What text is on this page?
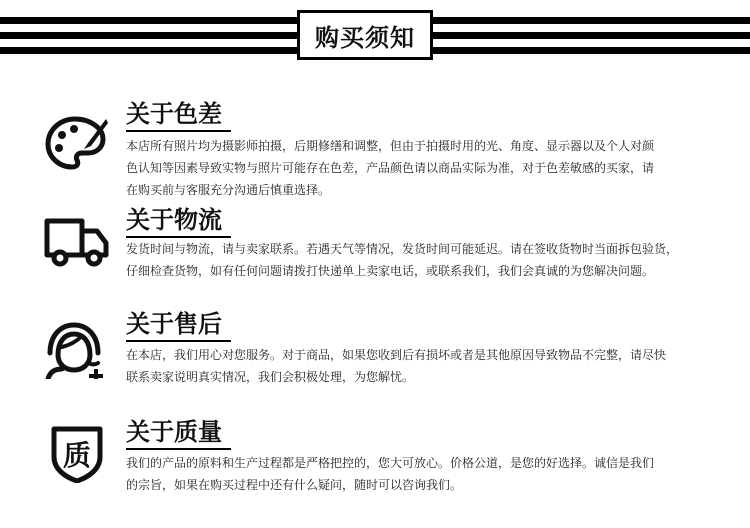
购买须知
关于色差
本店所有照片均为摄影师拍摄，后期修缮和调整，但由于拍摄时用的光、角度、显示器以及个人对颜
色认知等因素导致实物与照片可能存在色差，产品颜色请以商品实际为准，对于色差敏感的买家，请
在购买前与客服充分沟通后慎重选择。
关于物流
发货时间与物流，请与卖家联系。若遇天气等情况，发货时间可能延迟。请在签收货物时当面拆包验货，
仔细检查货物，如有任何问题请拨打快递单上卖家电话，或联系我们，我们会真诚的为您解决问题。
关于售后
在本店，我们用心对您服务。对于商品，如果您收到后有损坏或者是其他原因导致物品不完整，请尽快
联系卖家说明真实情况，我们会积极处理，为您解忧。
质
关于质量
我们的产品的原料和生产过程都是严格把控的，您大可放心。价格公道，是您的好选择。诚信是我们
的宗旨，如果在购买过程中还有什么疑问，随时可以咨询我们。
